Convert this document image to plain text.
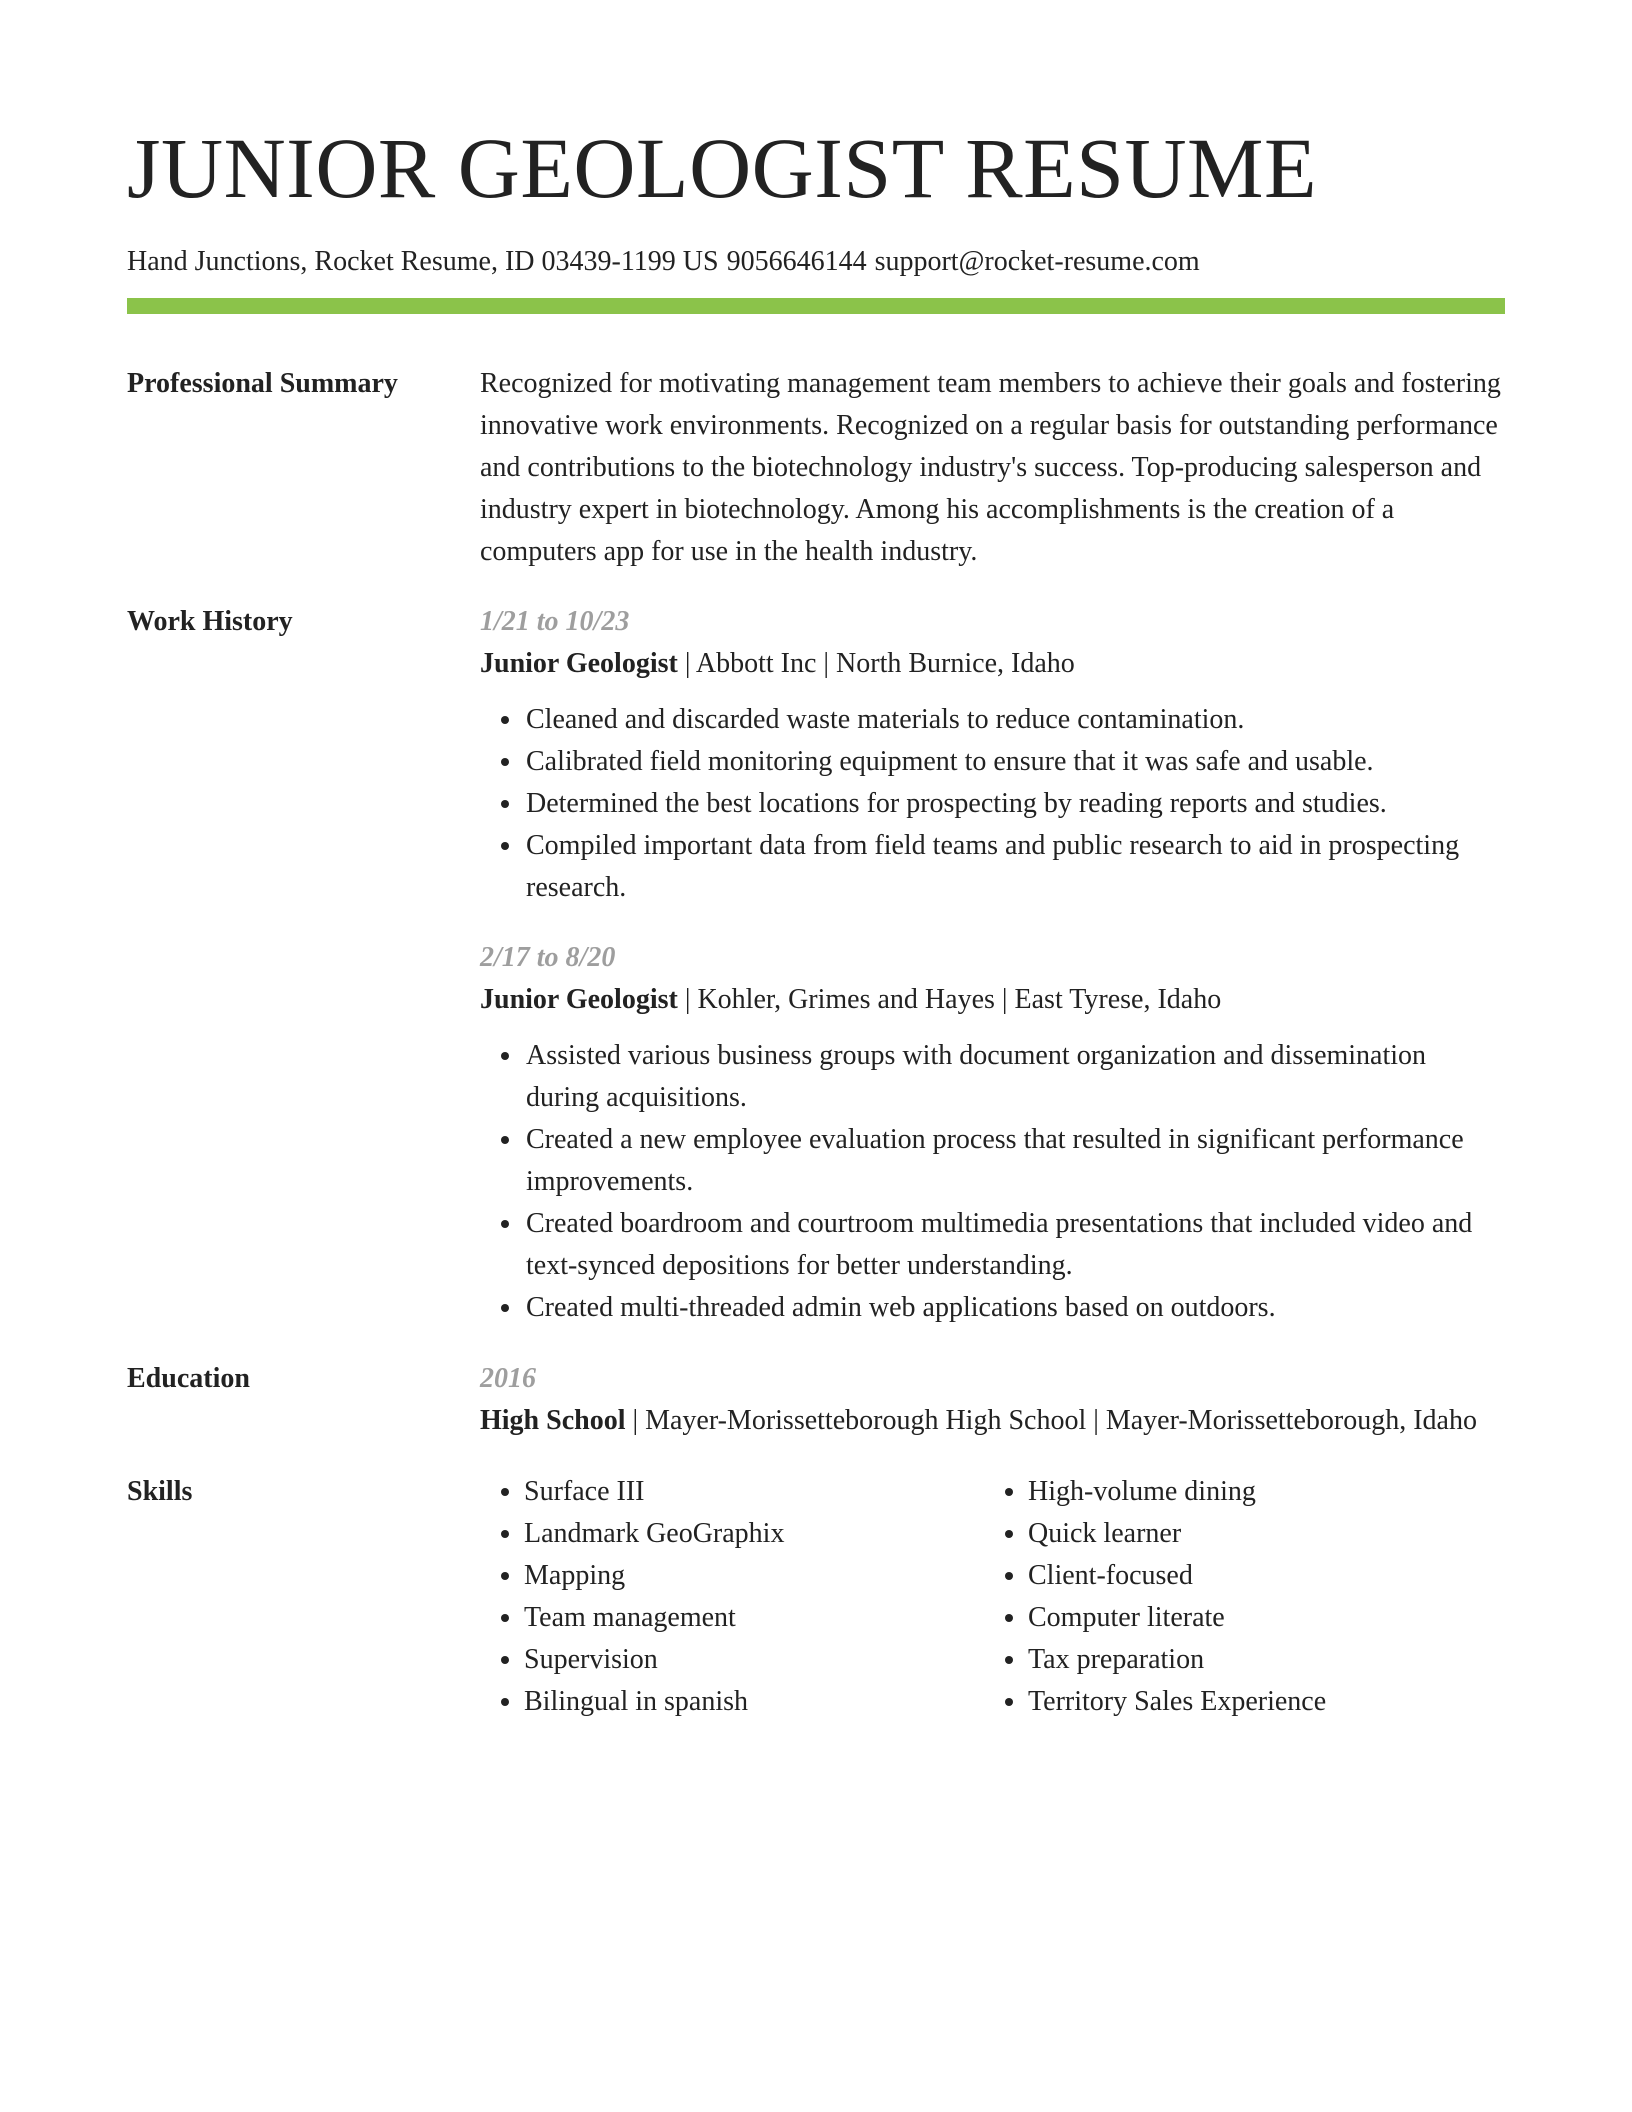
JUNIOR GEOLOGIST RESUME
Hand Junctions, Rocket Resume, ID 03439-1199 US 9056646144 support@rocket-resume.com
Professional Summary	Recognized for motivating management team members to achieve their goals and fostering innovative work environments. Recognized on a regular basis for outstanding performance and contributions to the biotechnology industry's success. Top-producing salesperson and industry expert in biotechnology. Among his accomplishments is the creation of a computers app for use in the health industry.
Work History	1/21 to 10/23
Junior Geologist | Abbott Inc | North Burnice, Idaho
• Cleaned and discarded waste materials to reduce contamination.
• Calibrated field monitoring equipment to ensure that it was safe and usable.
• Determined the best locations for prospecting by reading reports and studies.
• Compiled important data from field teams and public research to aid in prospecting research.
2/17 to 8/20
Junior Geologist | Kohler, Grimes and Hayes | East Tyrese, Idaho
• Assisted various business groups with document organization and dissemination during acquisitions.
• Created a new employee evaluation process that resulted in significant performance improvements.
• Created boardroom and courtroom multimedia presentations that included video and text-synced depositions for better understanding.
• Created multi-threaded admin web applications based on outdoors.
Education	2016
High School | Mayer-Morissetteborough High School | Mayer-Morissetteborough, Idaho
Skills
•	Surface III
• Landmark GeoGraphix
• Mapping
• Team management
• Supervision
• Bilingual in spanish
• High-volume dining
• Quick learner
• Client-focused
• Computer literate
• Tax preparation
• Territory Sales Experience
